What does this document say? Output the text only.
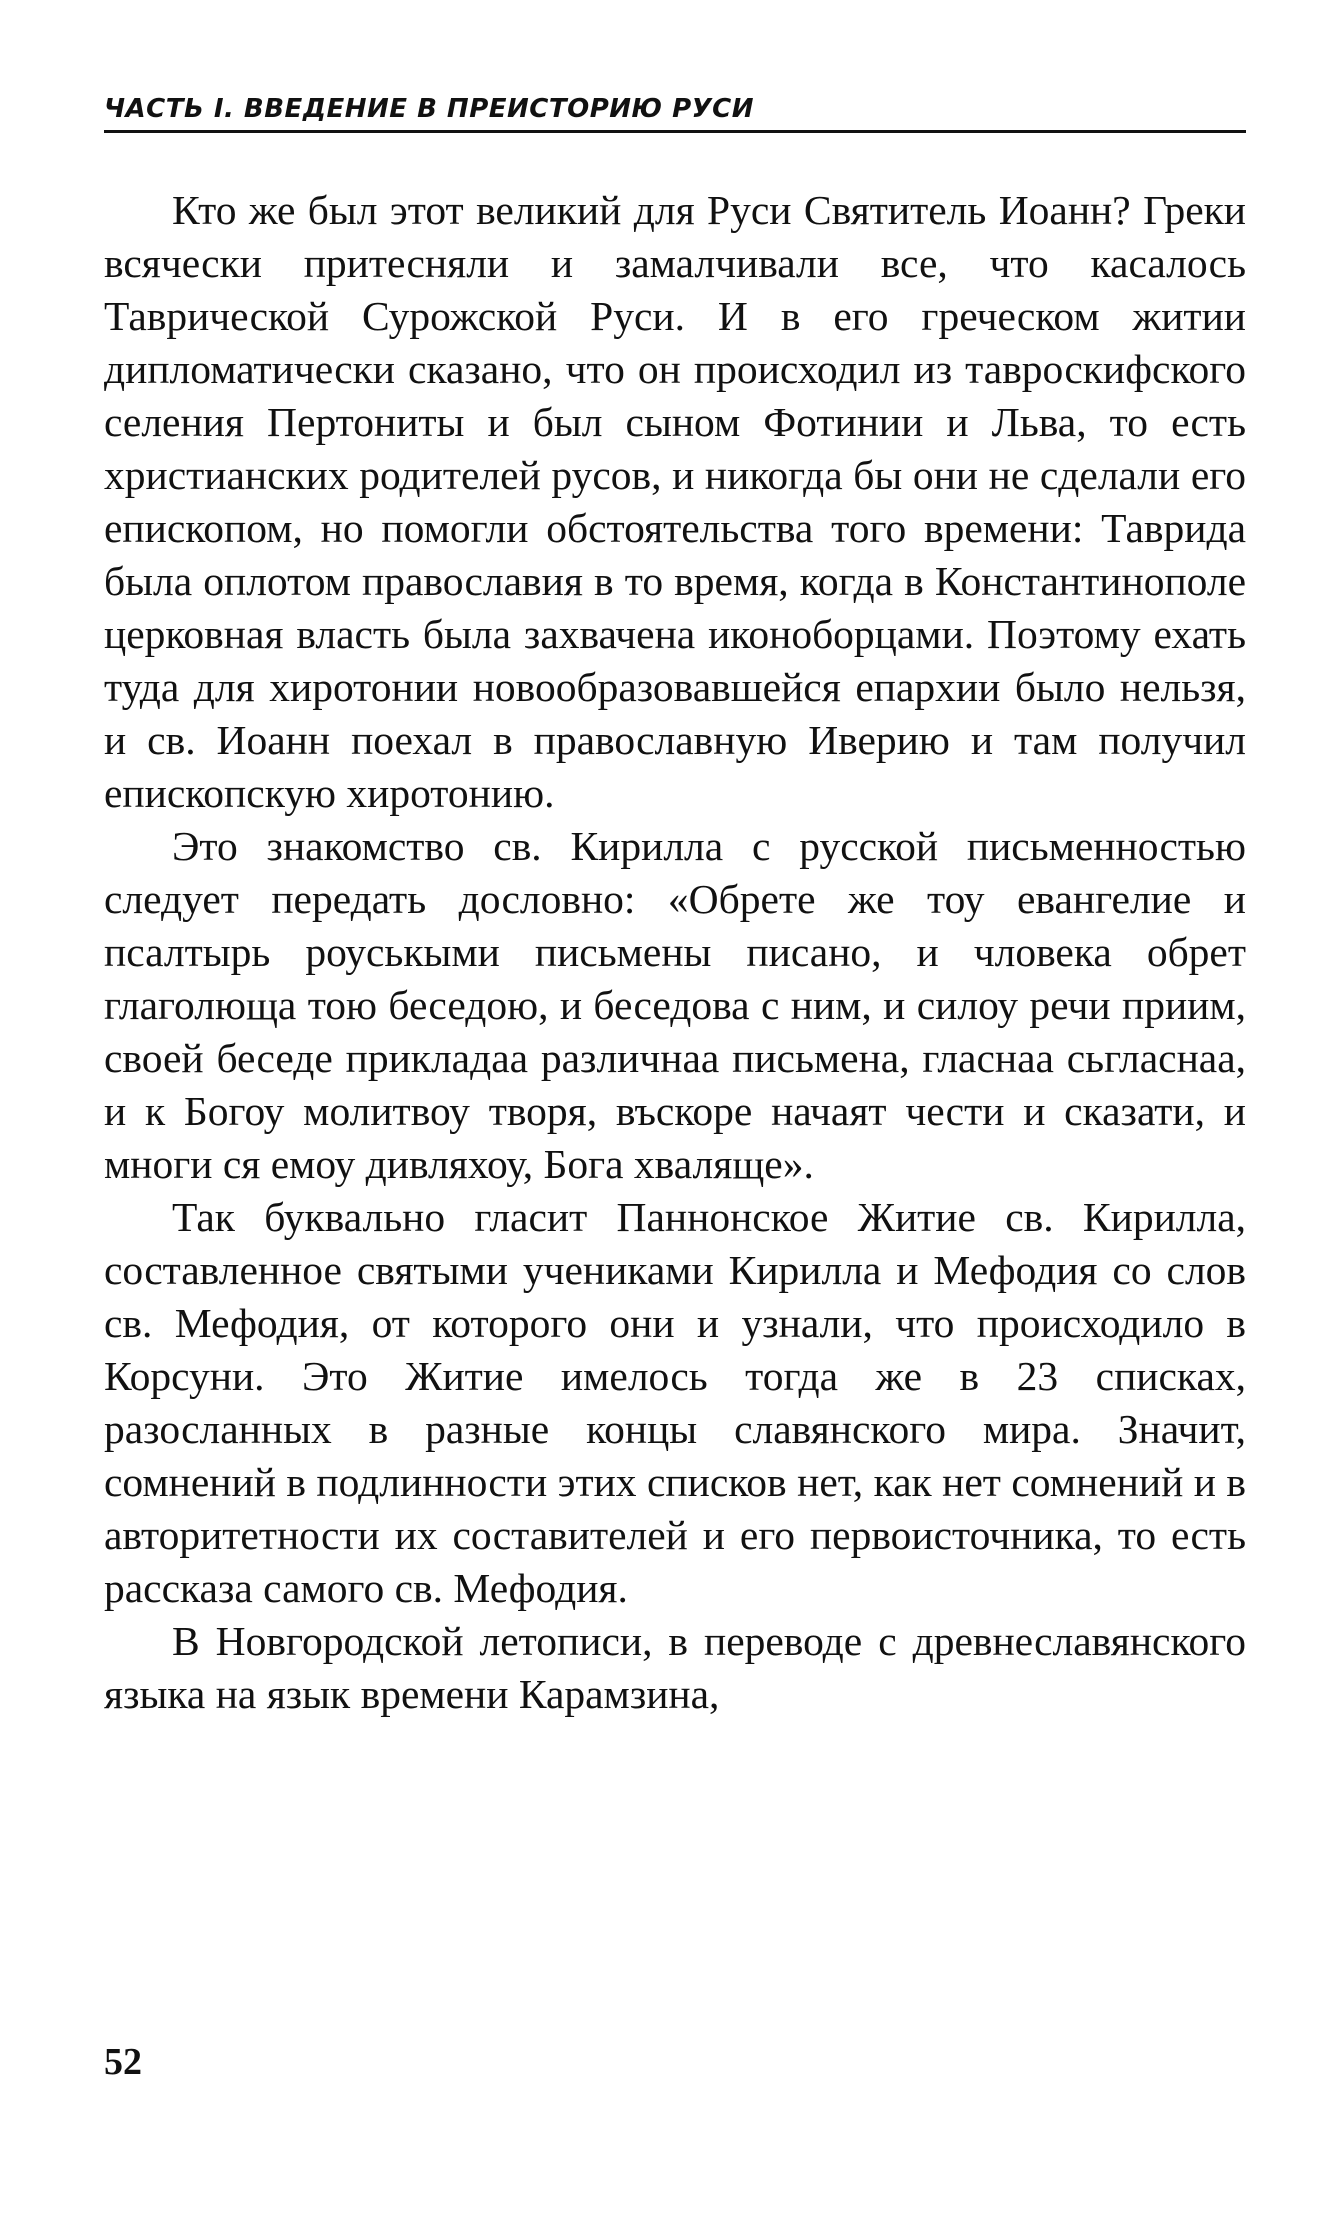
ЧАСТЬ I. ВВЕДЕНИЕ В ПРЕИСТОРИЮ РУСИ

Кто же был этот великий для Руси Святитель Иоанн? Греки всячески притесняли и замалчивали все, что касалось Таврической Сурожской Руси. И в его греческом житии дипломатически сказано, что он происходил из тавроскифского селения Пертониты и был сыном Фотинии и Льва, то есть христианских родителей русов, и никогда бы они не сделали его епископом, но помогли обстоятельства того времени: Таврида была оплотом православия в то время, когда в Константинополе церковная власть была захвачена иконоборцами. Поэтому ехать туда для хиротонии новообразовавшейся епархии было нельзя, и св. Иоанн поехал в православную Иверию и там получил епископскую хиротонию.

Это знакомство св. Кирилла с русской письменностью следует передать дословно: «Обрете же тоу евангелие и псалтырь роуськыми письмены писано, и чловека обрет глаголюща тою беседою, и беседова с ним, и силоу речи приим, своей беседе прикладаа различнаа письмена, гласнаа сьгласнаа, и к Богоу молитвоу творя, въскоре начаят чести и сказати, и многи ся емоу дивляхоу, Бога хваляще».

Так буквально гласит Паннонское Житие св. Кирилла, составленное святыми учениками Кирилла и Мефодия со слов св. Мефодия, от которого они и узнали, что происходило в Корсуни. Это Житие имелось тогда же в 23 списках, разосланных в разные концы славянского мира. Значит, сомнений в подлинности этих списков нет, как нет сомнений и в авторитетности их составителей и его первоисточника, то есть рассказа самого св. Мефодия.

В Новгородской летописи, в переводе с древнеславянского языка на язык времени Карамзина,

52
